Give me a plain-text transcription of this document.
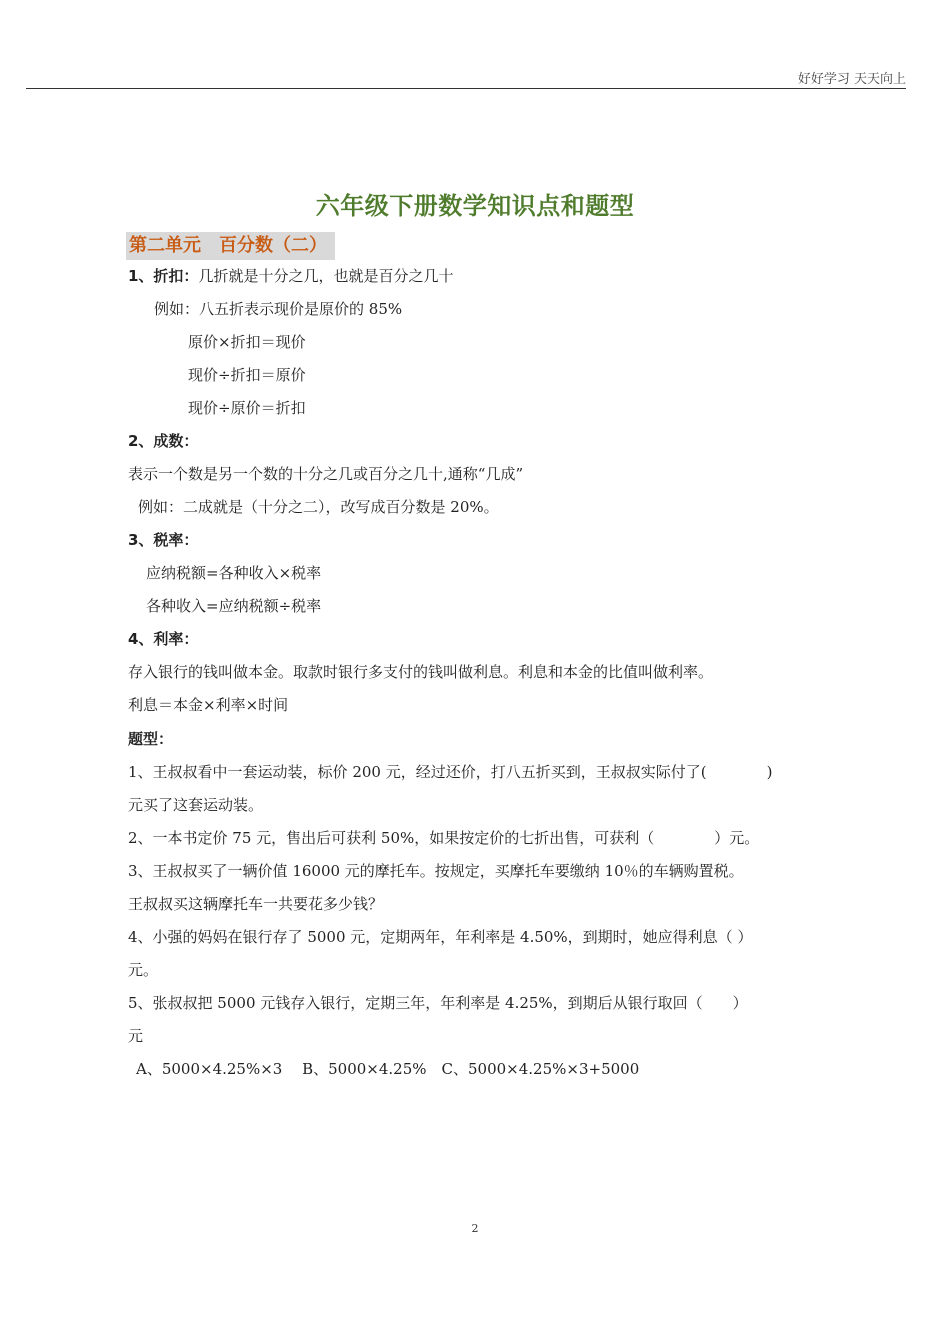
好好学习 天天向上
六年级下册数学知识点和题型
第二单元　百分数（二）
1、折扣：几折就是十分之几，也就是百分之几十
例如：八五折表示现价是原价的 85%
原价×折扣＝现价
现价÷折扣＝原价
现价÷原价＝折扣
2、成数：
表示一个数是另一个数的十分之几或百分之几十,通称“几成”
例如：二成就是（十分之二），改写成百分数是 20%。
3、税率：
应纳税额=各种收入×税率
各种收入=应纳税额÷税率
4、利率：
存入银行的钱叫做本金。取款时银行多支付的钱叫做利息。利息和本金的比值叫做利率。
利息＝本金×利率×时间
题型：
1、王叔叔看中一套运动装，标价 200 元，经过还价，打八五折买到，王叔叔实际付了(　　　　)
元买了这套运动装。
2、一本书定价 75 元，售出后可获利 50%，如果按定价的七折出售，可获利（　　　　）元。
3、王叔叔买了一辆价值 16000 元的摩托车。按规定，买摩托车要缴纳 10％的车辆购置税。
王叔叔买这辆摩托车一共要花多少钱？
4、小强的妈妈在银行存了 5000 元，定期两年，年利率是 4.50%，到期时，她应得利息（ ）
元。
5、张叔叔把 5000 元钱存入银行，定期三年，年利率是 4.25%，到期后从银行取回（　　）
元
A、5000×4.25%×3　 B、5000×4.25%　C、5000×4.25%×3+5000
2
